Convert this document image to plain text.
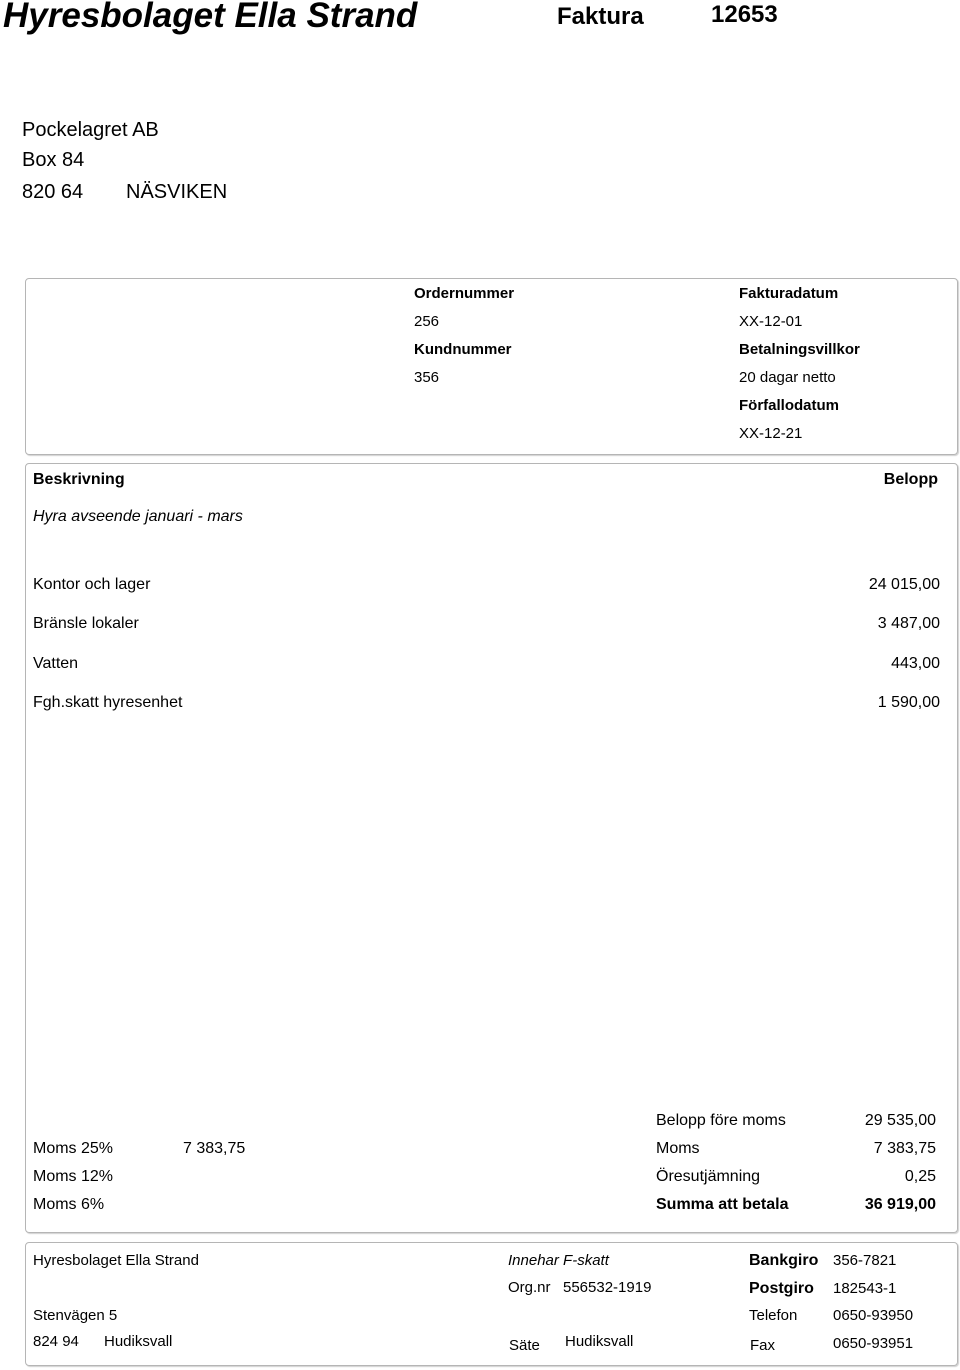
Hyresbolaget Ella Strand	Faktura	12653
Pockelagret AB
Box 84
820 64 NÄSVIKEN
Ordernummer
256
Kundnummer
356
Fakturadatum
XX-12-01
Betalningsvillkor
20 dagar netto
Förfallodatum
XX-12-21
Beskrivning	Belopp
Hyra avseende januari - mars
Kontor och lager	24 015,00
Bränsle lokaler	3 487,00
Vatten	443,00
Fgh.skatt hyresenhet	1 590,00
Moms 25%	7 383,75
Moms 12%
Moms 6%
Belopp före moms	29 535,00
Moms	7 383,75
Öresutjämning	0,25
Summa att betala	36 919,00
Hyresbolaget Ella Strand
Stenvägen 5
824 94 Hudiksvall
Innehar F-skatt
Org.nr 556532-1919
Säte Hudiksvall
Bankgiro 356-7821
Postgiro 182543-1
Telefon 0650-93950
Fax	0650-93951
